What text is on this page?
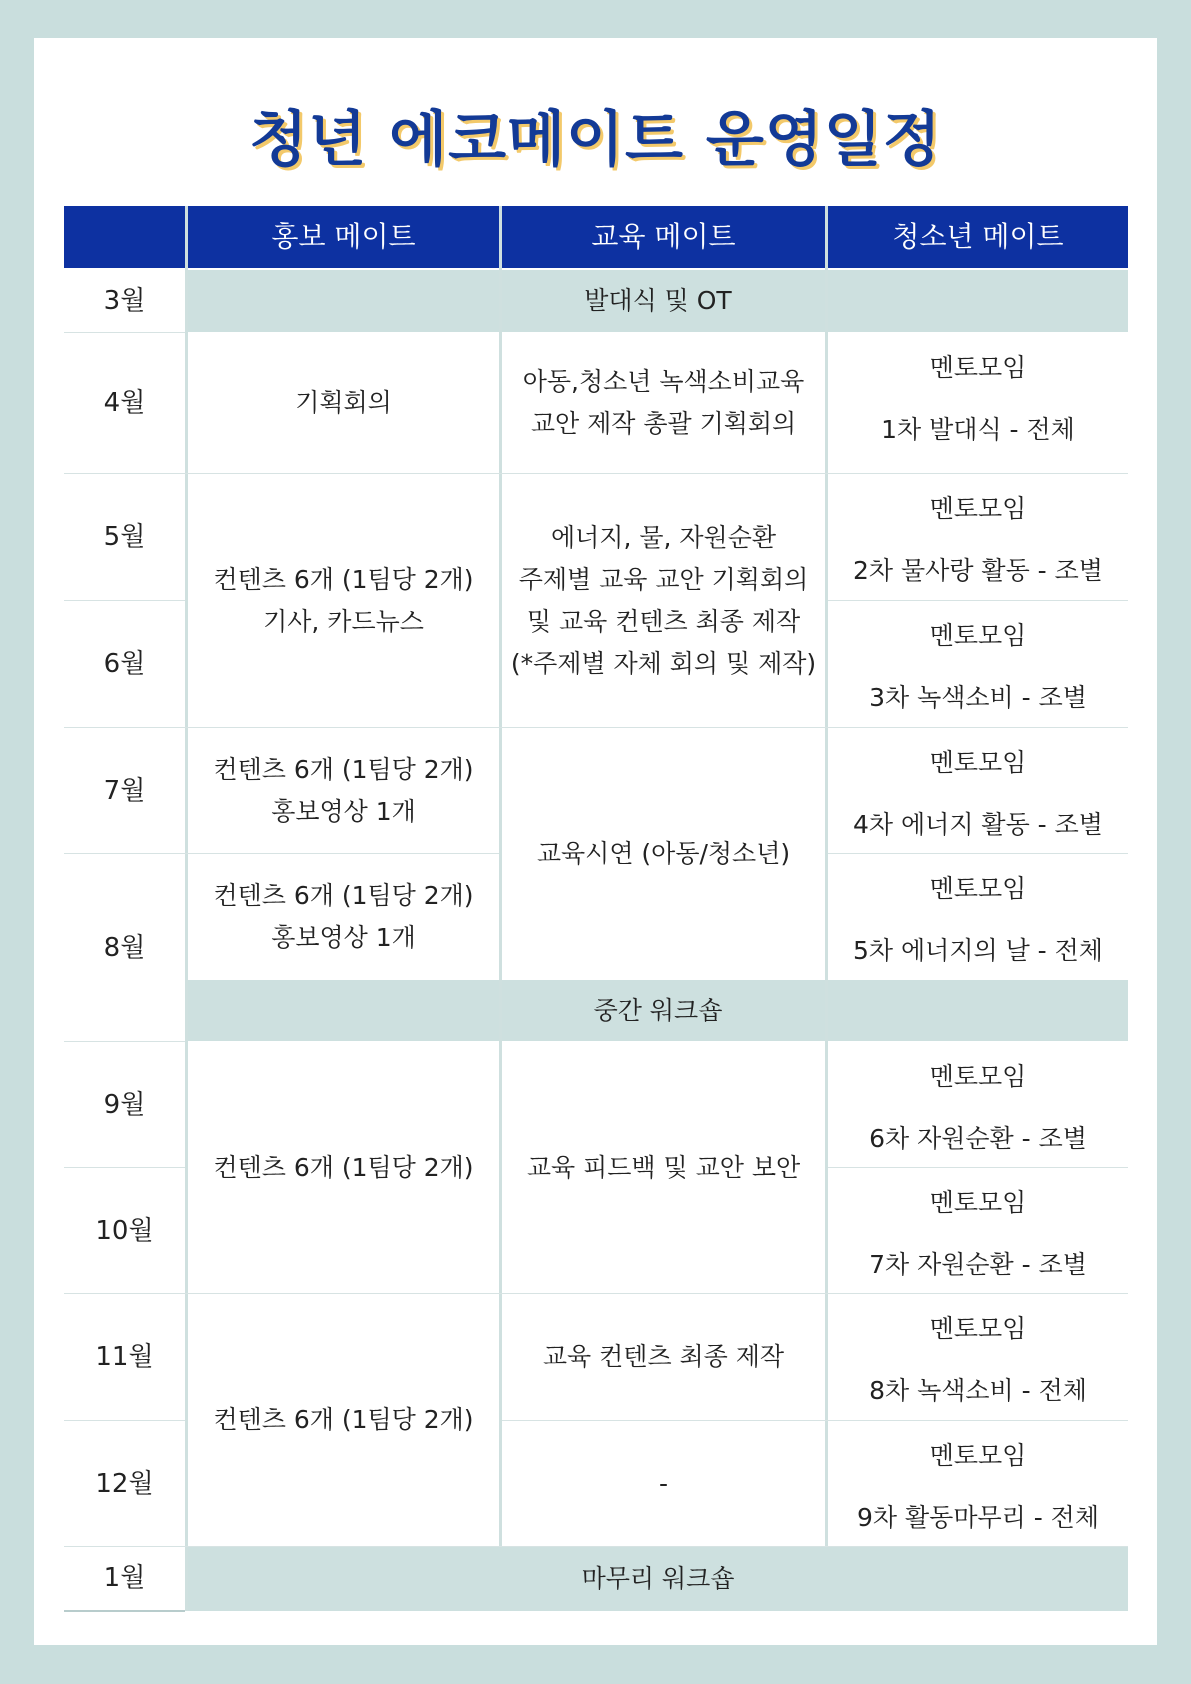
청년 에코메이트 운영일정
홍보 메이트	교육 메이트	청소년 메이트
3월
4월
5월
6월
7월
8월
9월
10월
11월
12월
1월
발대식 및 OT
중간 워크숍
마무리 워크숍
기획회의
컨텐츠 6개 (1팀당 2개)
기사, 카드뉴스
컨텐츠 6개 (1팀당 2개)
홍보영상 1개
컨텐츠 6개 (1팀당 2개)
홍보영상 1개
컨텐츠 6개 (1팀당 2개)
컨텐츠 6개 (1팀당 2개)
아동,청소년 녹색소비교육
교안 제작 총괄 기획회의
에너지, 물, 자원순환
주제별 교육 교안 기획회의
및 교육 컨텐츠 최종 제작
(*주제별 자체 회의 및 제작)
교육시연 (아동/청소년)
교육 피드백 및 교안 보안
교육 컨텐츠 최종 제작
-
멘토모임
1차 발대식 - 전체
멘토모임
2차 물사랑 활동 - 조별
멘토모임
3차 녹색소비 - 조별
멘토모임
4차 에너지 활동 - 조별
멘토모임
5차 에너지의 날 - 전체
멘토모임
6차 자원순환 - 조별
멘토모임
7차 자원순환 - 조별
멘토모임
8차 녹색소비 - 전체
멘토모임
9차 활동마무리 - 전체
